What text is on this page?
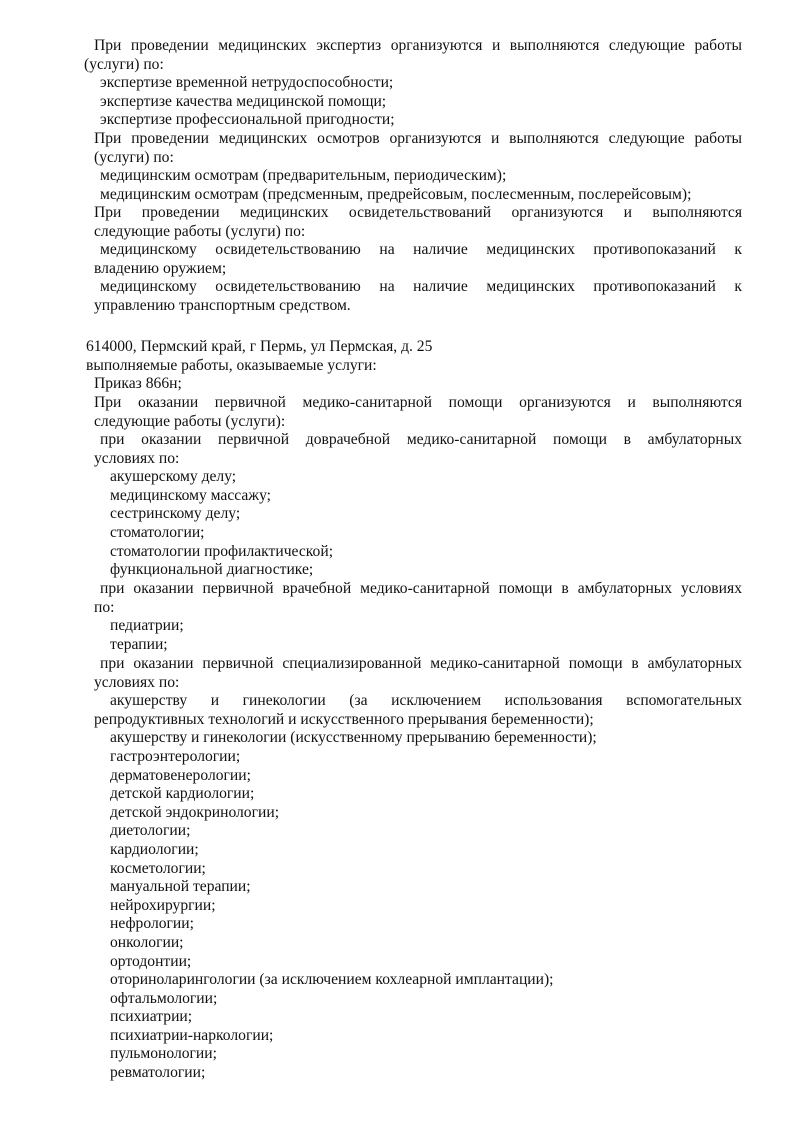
При проведении медицинских экспертиз организуются и выполняются следующие работы
(услуги) по:
экспертизе временной нетрудоспособности;
экспертизе качества медицинской помощи;
экспертизе профессиональной пригодности;
При проведении медицинских осмотров организуются и выполняются следующие работы
(услуги) по:
медицинским осмотрам (предварительным, периодическим);
медицинским осмотрам (предсменным, предрейсовым, послесменным, послерейсовым);
При проведении медицинских освидетельствований организуются и выполняются
следующие работы (услуги) по:
медицинскому освидетельствованию на наличие медицинских противопоказаний к
владению оружием;
медицинскому освидетельствованию на наличие медицинских противопоказаний к
управлению транспортным средством.
614000, Пермский край, г Пермь, ул Пермская, д. 25
выполняемые работы, оказываемые услуги:
Приказ 866н;
При оказании первичной медико-санитарной помощи организуются и выполняются
следующие работы (услуги):
при оказании первичной доврачебной медико-санитарной помощи в амбулаторных
условиях по:
акушерскому делу;
медицинскому массажу;
сестринскому делу;
стоматологии;
стоматологии профилактической;
функциональной диагностике;
при оказании первичной врачебной медико-санитарной помощи в амбулаторных условиях
по:
педиатрии;
терапии;
при оказании первичной специализированной медико-санитарной помощи в амбулаторных
условиях по:
акушерству и гинекологии (за исключением использования вспомогательных
репродуктивных технологий и искусственного прерывания беременности);
акушерству и гинекологии (искусственному прерыванию беременности);
гастроэнтерологии;
дерматовенерологии;
детской кардиологии;
детской эндокринологии;
диетологии;
кардиологии;
косметологии;
мануальной терапии;
нейрохирургии;
нефрологии;
онкологии;
ортодонтии;
оториноларингологии (за исключением кохлеарной имплантации);
офтальмологии;
психиатрии;
психиатрии-наркологии;
пульмонологии;
ревматологии;
